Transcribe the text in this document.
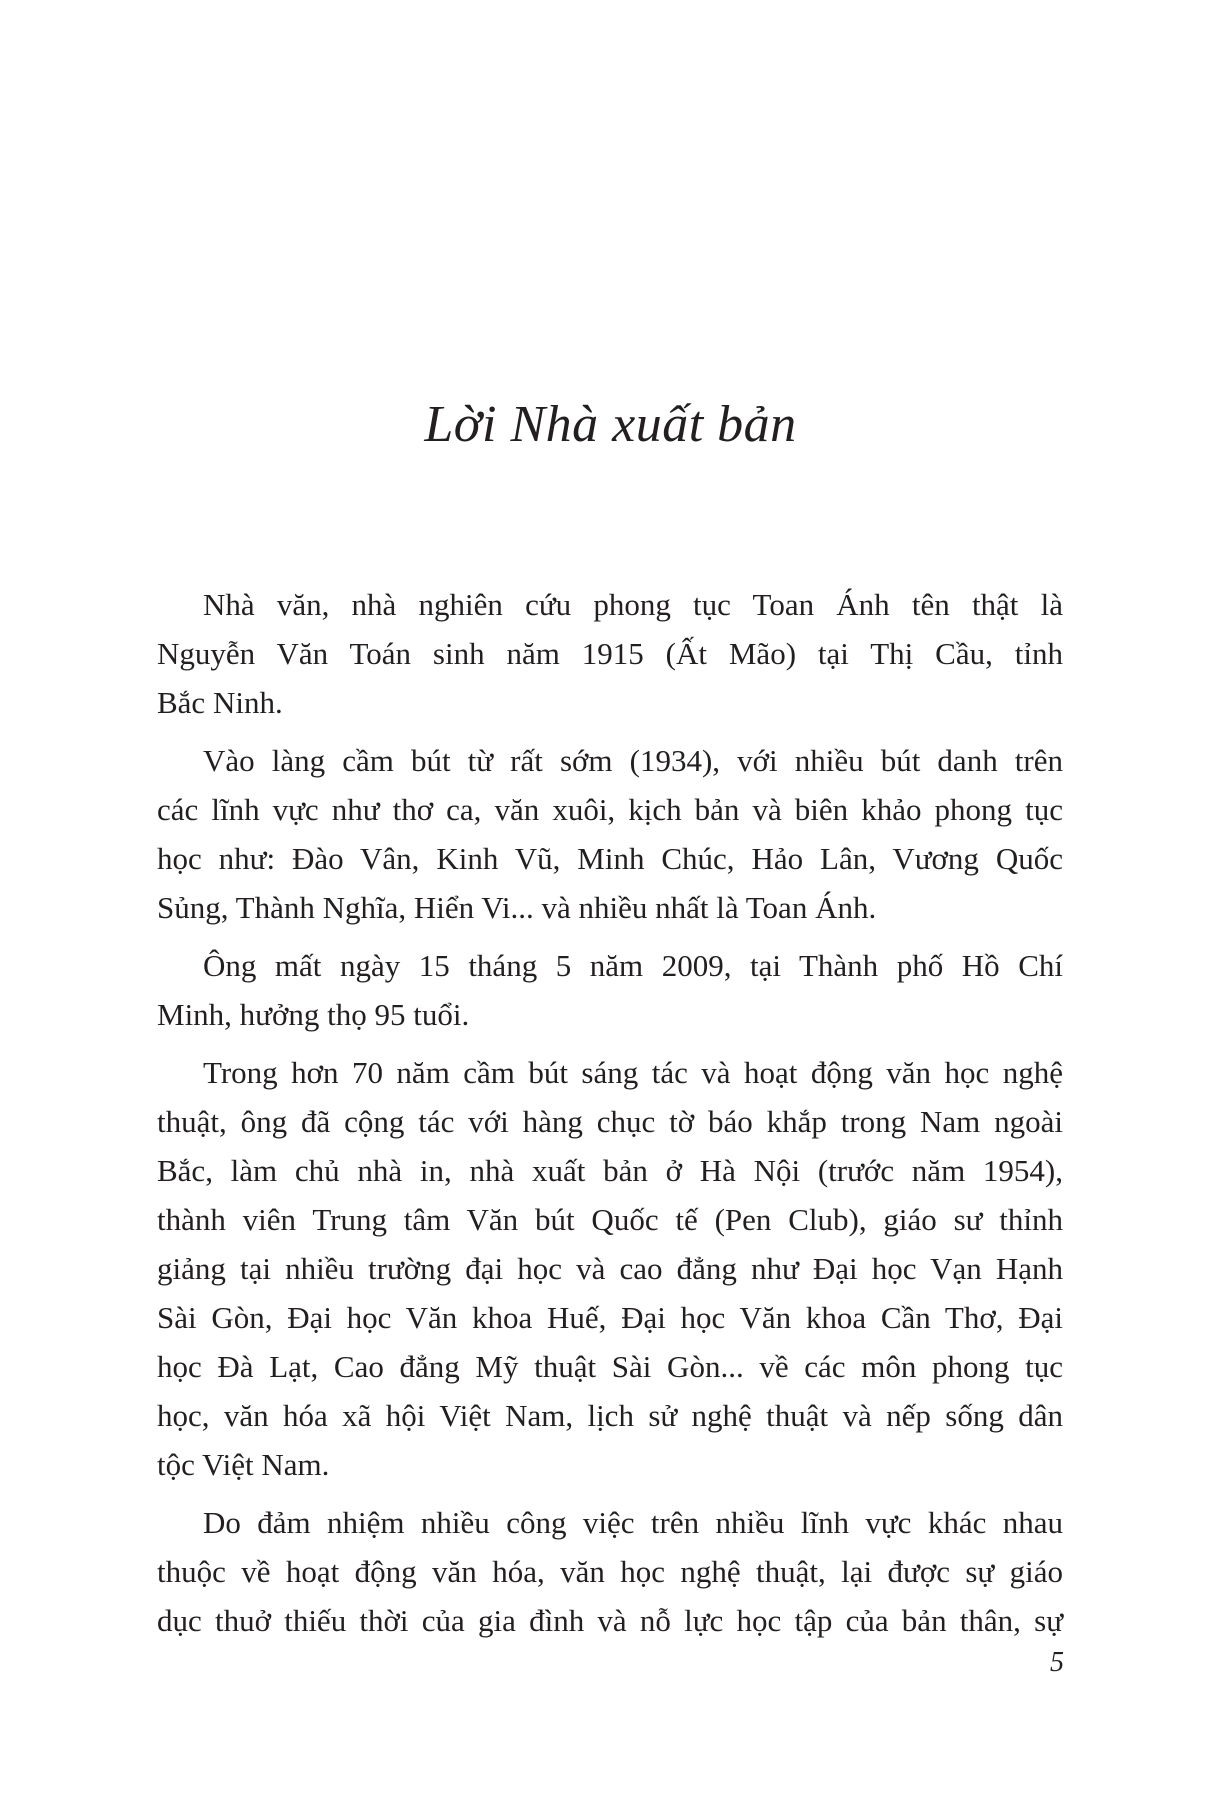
Lời Nhà xuất bản

Nhà văn, nhà nghiên cứu phong tục Toan Ánh tên thật là
Nguyễn Văn Toán sinh năm 1915 (Ất Mão) tại Thị Cầu, tỉnh
Bắc Ninh.

Vào làng cầm bút từ rất sớm (1934), với nhiều bút danh trên
các lĩnh vực như thơ ca, văn xuôi, kịch bản và biên khảo phong tục
học như: Đào Vân, Kinh Vũ, Minh Chúc, Hảo Lân, Vương Quốc
Sủng, Thành Nghĩa, Hiển Vi... và nhiều nhất là Toan Ánh.

Ông mất ngày 15 tháng 5 năm 2009, tại Thành phố Hồ Chí
Minh, hưởng thọ 95 tuổi.

Trong hơn 70 năm cầm bút sáng tác và hoạt động văn học nghệ
thuật, ông đã cộng tác với hàng chục tờ báo khắp trong Nam ngoài
Bắc, làm chủ nhà in, nhà xuất bản ở Hà Nội (trước năm 1954),
thành viên Trung tâm Văn bút Quốc tế (Pen Club), giáo sư thỉnh
giảng tại nhiều trường đại học và cao đẳng như Đại học Vạn Hạnh
Sài Gòn, Đại học Văn khoa Huế, Đại học Văn khoa Cần Thơ, Đại
học Đà Lạt, Cao đẳng Mỹ thuật Sài Gòn... về các môn phong tục
học, văn hóa xã hội Việt Nam, lịch sử nghệ thuật và nếp sống dân
tộc Việt Nam.

Do đảm nhiệm nhiều công việc trên nhiều lĩnh vực khác nhau
thuộc về hoạt động văn hóa, văn học nghệ thuật, lại được sự giáo
dục thuở thiếu thời của gia đình và nỗ lực học tập của bản thân, sự

5
